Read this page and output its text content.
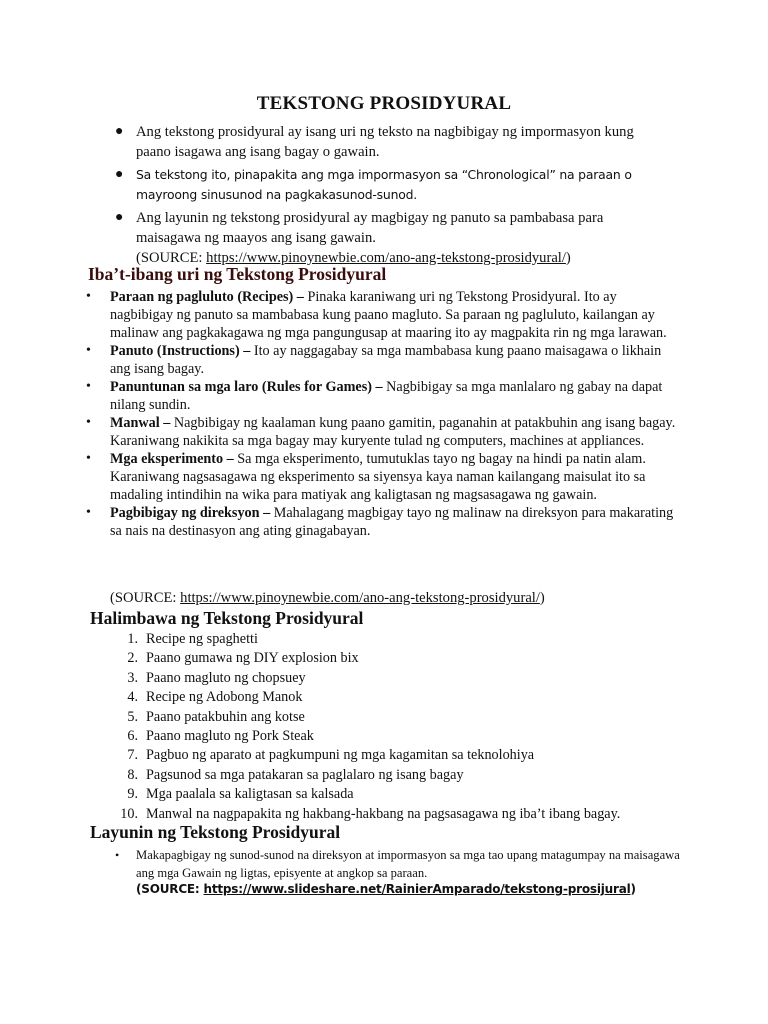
TEKSTONG PROSIDYURAL
● Ang tekstong prosidyural ay isang uri ng teksto na nagbibigay ng impormasyon kung paano isagawa ang isang bagay o gawain.
● Sa tekstong ito, pinapakita ang mga impormasyon sa “Chronological” na paraan o mayroong sinusunod na pagkakasunod-sunod.
● Ang layunin ng tekstong prosidyural ay magbigay ng panuto sa pambabasa para maisagawa ng maayos ang isang gawain.
(SOURCE: https://www.pinoynewbie.com/ano-ang-tekstong-prosidyural/)
Iba’t-ibang uri ng Tekstong Prosidyural
• Paraan ng pagluluto (Recipes) – Pinaka karaniwang uri ng Tekstong Prosidyural. Ito ay nagbibigay ng panuto sa mambabasa kung paano magluto. Sa paraan ng pagluluto, kailangan ay malinaw ang pagkakagawa ng mga pangungusap at maaring ito ay magpakita rin ng mga larawan.
• Panuto (Instructions) – Ito ay naggagabay sa mga mambabasa kung paano maisagawa o likhain ang isang bagay.
• Panuntunan sa mga laro (Rules for Games) – Nagbibigay sa mga manlalaro ng gabay na dapat nilang sundin.
• Manwal – Nagbibigay ng kaalaman kung paano gamitin, paganahin at patakbuhin ang isang bagay. Karaniwang nakikita sa mga bagay may kuryente tulad ng computers, machines at appliances.
• Mga eksperimento – Sa mga eksperimento, tumutuklas tayo ng bagay na hindi pa natin alam. Karaniwang nagsasagawa ng eksperimento sa siyensya kaya naman kailangang maisulat ito sa madaling intindihin na wika para matiyak ang kaligtasan ng magsasagawa ng gawain.
• Pagbibigay ng direksyon – Mahalagang magbigay tayo ng malinaw na direksyon para makarating sa nais na destinasyon ang ating ginagabayan.
(SOURCE: https://www.pinoynewbie.com/ano-ang-tekstong-prosidyural/)
Halimbawa ng Tekstong Prosidyural
1. Recipe ng spaghetti
2. Paano gumawa ng DIY explosion bix
3. Paano magluto ng chopsuey
4. Recipe ng Adobong Manok
5. Paano patakbuhin ang kotse
6. Paano magluto ng Pork Steak
7. Pagbuo ng aparato at pagkumpuni ng mga kagamitan sa teknolohiya
8. Pagsunod sa mga patakaran sa paglalaro ng isang bagay
9. Mga paalala sa kaligtasan sa kalsada
10. Manwal na nagpapakita ng hakbang-hakbang na pagsasagawa ng iba’t ibang bagay.
Layunin ng Tekstong Prosidyural
• Makapagbigay ng sunod-sunod na direksyon at impormasyon sa mga tao upang matagumpay na maisagawa ang mga Gawain ng ligtas, episyente at angkop sa paraan.
(SOURCE: https://www.slideshare.net/RainierAmparado/tekstong-prosijural)
